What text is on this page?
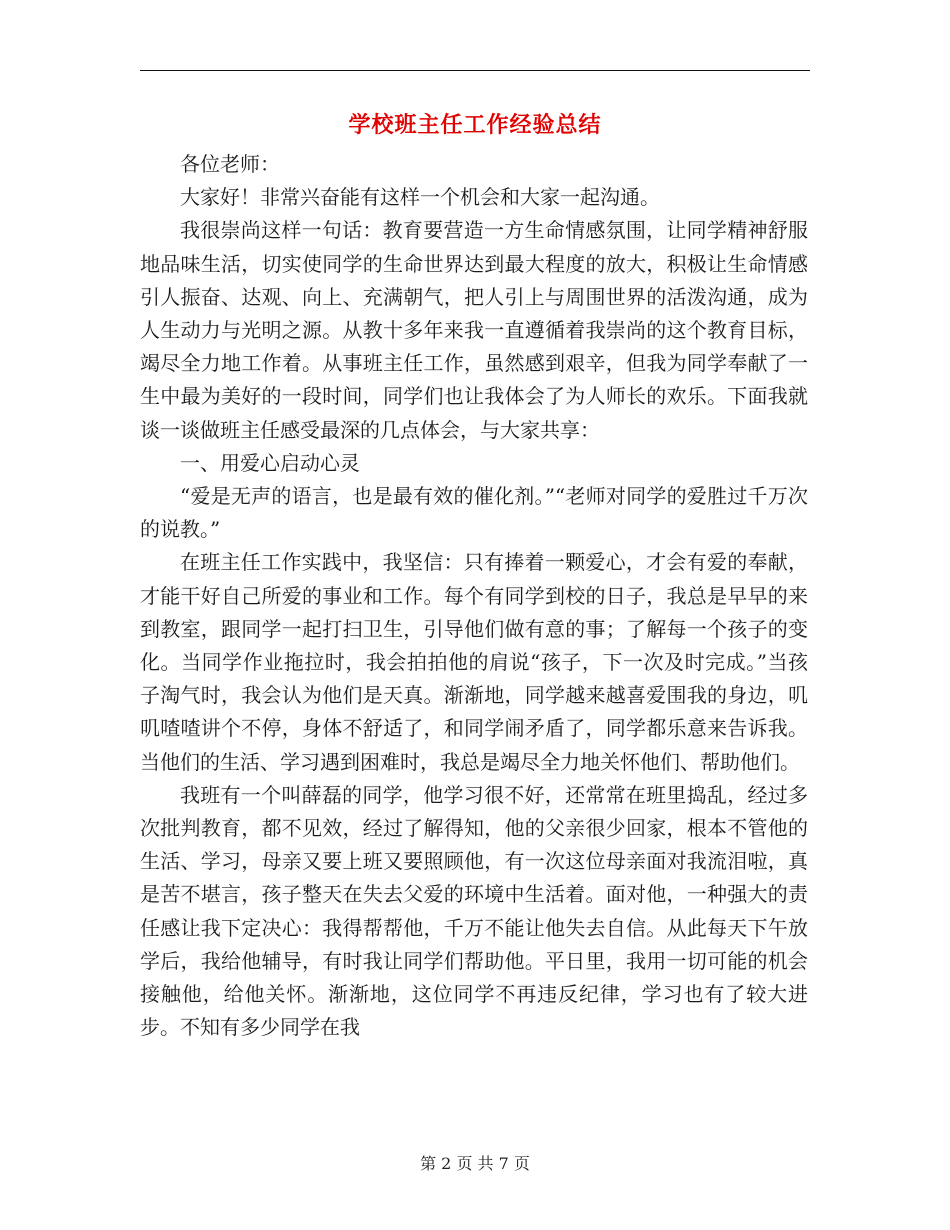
学校班主任工作经验总结

各位老师：

大家好！非常兴奋能有这样一个机会和大家一起沟通。

我很崇尚这样一句话：教育要营造一方生命情感氛围，让同学精神舒服地品味生活，切实使同学的生命世界达到最大程度的放大，积极让生命情感引人振奋、达观、向上、充满朝气，把人引上与周围世界的活泼沟通，成为人生动力与光明之源。从教十多年来我一直遵循着我崇尚的这个教育目标，竭尽全力地工作着。从事班主任工作，虽然感到艰辛，但我为同学奉献了一生中最为美好的一段时间，同学们也让我体会了为人师长的欢乐。下面我就谈一谈做班主任感受最深的几点体会，与大家共享：

一、用爱心启动心灵

“爱是无声的语言，也是最有效的催化剂。”“老师对同学的爱胜过千万次的说教。”

在班主任工作实践中，我坚信：只有捧着一颗爱心，才会有爱的奉献，才能干好自己所爱的事业和工作。每个有同学到校的日子，我总是早早的来到教室，跟同学一起打扫卫生，引导他们做有意的事；了解每一个孩子的变化。当同学作业拖拉时，我会拍拍他的肩说“孩子，下一次及时完成。”当孩子淘气时，我会认为他们是天真。渐渐地，同学越来越喜爱围我的身边，叽叽喳喳讲个不停，身体不舒适了，和同学闹矛盾了，同学都乐意来告诉我。当他们的生活、学习遇到困难时，我总是竭尽全力地关怀他们、帮助他们。

我班有一个叫薛磊的同学，他学习很不好，还常常在班里捣乱，经过多次批判教育，都不见效，经过了解得知，他的父亲很少回家，根本不管他的生活、学习，母亲又要上班又要照顾他，有一次这位母亲面对我流泪啦，真是苦不堪言，孩子整天在失去父爱的环境中生活着。面对他，一种强大的责任感让我下定决心：我得帮帮他，千万不能让他失去自信。从此每天下午放学后，我给他辅导，有时我让同学们帮助他。平日里，我用一切可能的机会接触他，给他关怀。渐渐地，这位同学不再违反纪律，学习也有了较大进步。不知有多少同学在我

第 2 页 共 7 页
